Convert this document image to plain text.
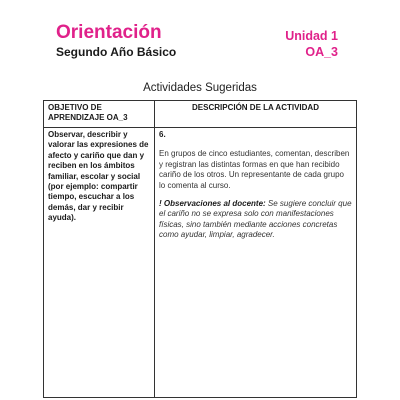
Orientación
Segundo Año Básico
Unidad 1
OA_3
Actividades Sugeridas
OBJETIVO DE APRENDIZAJE OA_3	DESCRIPCIÓN DE LA ACTIVIDAD
Observar, describir y valorar las expresiones de afecto y cariño que dan y reciben en los ámbitos familiar, escolar y social (por ejemplo: compartir tiempo, escuchar a los demás, dar y recibir ayuda).	6.
En grupos de cinco estudiantes, comentan, describen y registran las distintas formas en que han recibido cariño de los otros. Un representante de cada grupo lo comenta al curso.
! Observaciones al docente: Se sugiere concluir que el cariño no se expresa solo con manifestaciones físicas, sino también mediante acciones concretas como ayudar, limpiar, agradecer.
